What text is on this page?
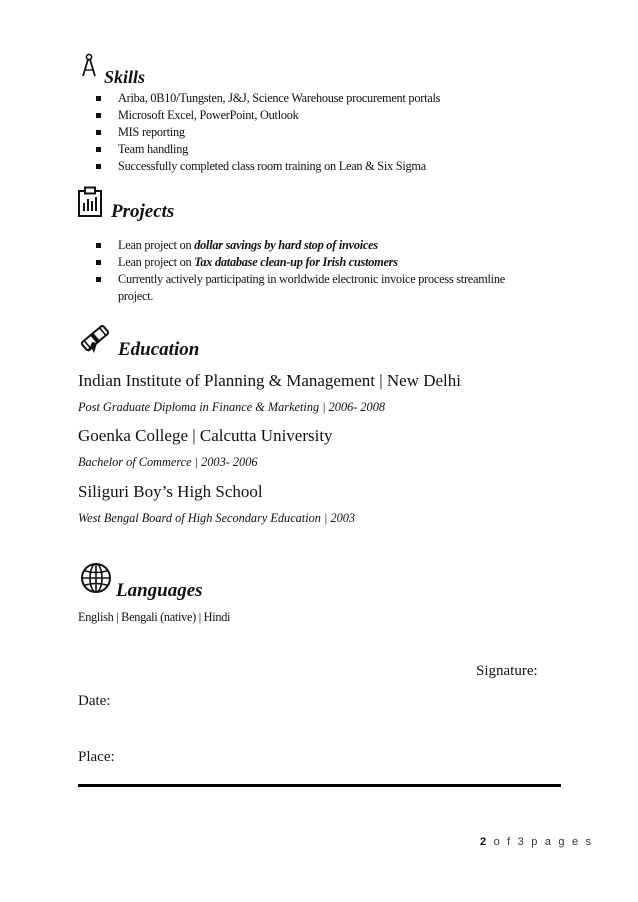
Skills
Ariba, 0B10/Tungsten, J&J, Science Warehouse procurement portals
Microsoft Excel, PowerPoint, Outlook
MIS reporting
Team handling
Successfully completed class room training on Lean & Six Sigma
Projects
Lean project on dollar savings by hard stop of invoices
Lean project on Tax database clean-up for Irish customers
Currently actively participating in worldwide electronic invoice process streamline
project.
Education
Indian Institute of Planning & Management | New Delhi
Post Graduate Diploma in Finance & Marketing | 2006- 2008
Goenka College | Calcutta University
Bachelor of Commerce | 2003- 2006
Siliguri Boy’s High School
West Bengal Board of High Secondary Education | 2003
Languages
English | Bengali (native) | Hindi
Signature:
Date:
Place:
2 o f 3 p a g e s
